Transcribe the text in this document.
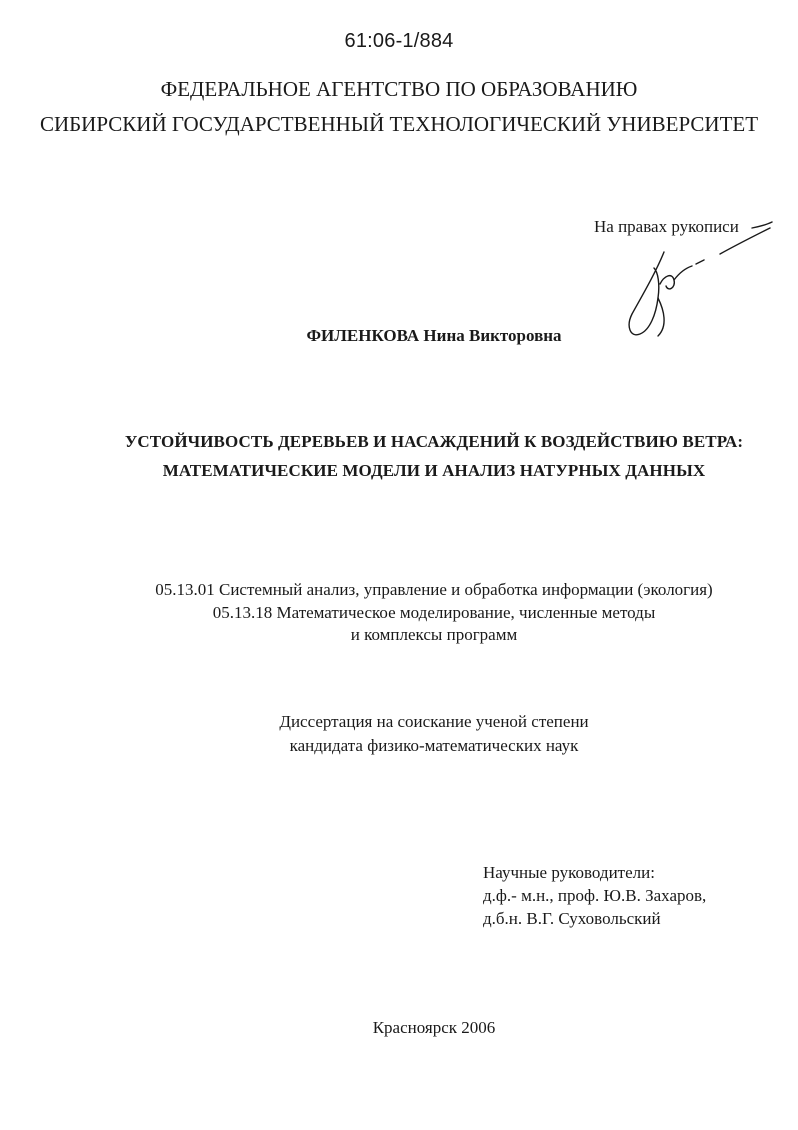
61:06-1/884
ФЕДЕРАЛЬНОЕ АГЕНТСТВО ПО ОБРАЗОВАНИЮ
СИБИРСКИЙ ГОСУДАРСТВЕННЫЙ ТЕХНОЛОГИЧЕСКИЙ УНИВЕРСИТЕТ
На правах рукописи
ФИЛЕНКОВА Нина Викторовна
УСТОЙЧИВОСТЬ ДЕРЕВЬЕВ И НАСАЖДЕНИЙ К ВОЗДЕЙСТВИЮ ВЕТРА:
МАТЕМАТИЧЕСКИЕ МОДЕЛИ И АНАЛИЗ НАТУРНЫХ ДАННЫХ
05.13.01 Системный анализ, управление и обработка информации (экология)
05.13.18 Математическое моделирование, численные методы
и комплексы программ
Диссертация на соискание ученой степени
кандидата физико-математических наук
Научные руководители:
д.ф.- м.н., проф. Ю.В. Захаров,
д.б.н. В.Г. Суховольский
Красноярск 2006
